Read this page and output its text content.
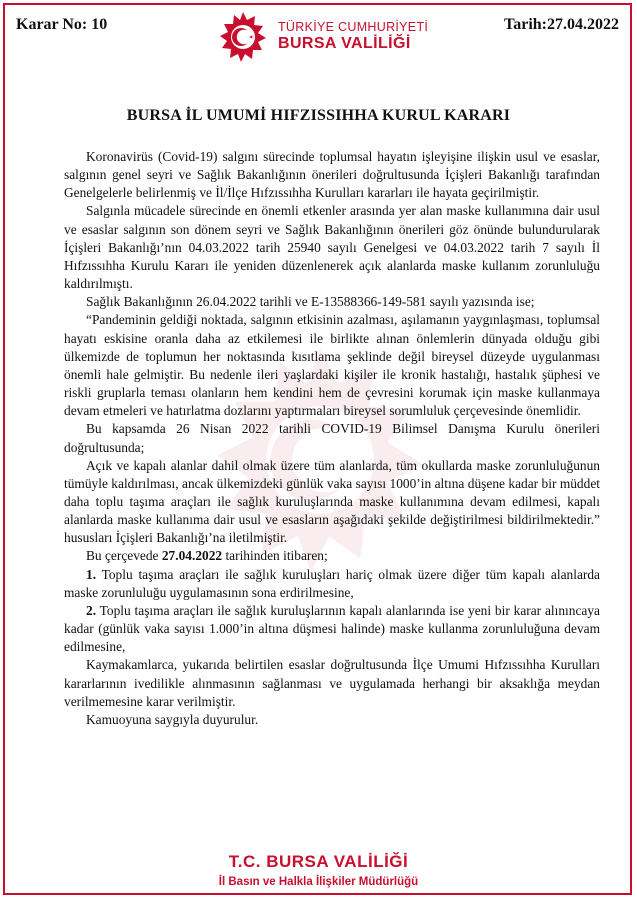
Karar No: 10	Tarih:27.04.2022
TÜRKİYE CUMHURİYETİ
BURSA VALİLİĞİ
BURSA İL UMUMİ HIFZISSIHHA KURUL KARARI

Koronavirüs (Covid-19) salgını sürecinde toplumsal hayatın işleyişine ilişkin usul ve esaslar, salgının genel seyri ve Sağlık Bakanlığının önerileri doğrultusunda İçişleri Bakanlığı tarafından Genelgelerle belirlenmiş ve İl/İlçe Hıfzıssıhha Kurulları kararları ile hayata geçirilmiştir.

Salgınla mücadele sürecinde en önemli etkenler arasında yer alan maske kullanımına dair usul ve esaslar salgının son dönem seyri ve Sağlık Bakanlığının önerileri göz önünde bulundurularak İçişleri Bakanlığı’nın 04.03.2022 tarih 25940 sayılı Genelgesi ve 04.03.2022 tarih 7 sayılı İl Hıfzıssıhha Kurulu Kararı ile yeniden düzenlenerek açık alanlarda maske kullanım zorunluluğu kaldırılmıştı.

Sağlık Bakanlığının 26.04.2022 tarihli ve E-13588366-149-581 sayılı yazısında ise;

“Pandeminin geldiği noktada, salgının etkisinin azalması, aşılamanın yaygınlaşması, toplumsal hayatı eskisine oranla daha az etkilemesi ile birlikte alınan önlemlerin dünyada olduğu gibi ülkemizde de toplumun her noktasında kısıtlama şeklinde değil bireysel düzeyde uygulanması önemli hale gelmiştir. Bu nedenle ileri yaşlardaki kişiler ile kronik hastalığı, hastalık şüphesi ve riskli gruplarla teması olanların hem kendini hem de çevresini korumak için maske kullanmaya devam etmeleri ve hatırlatma dozlarını yaptırmaları bireysel sorumluluk çerçevesinde önemlidir.

Bu kapsamda 26 Nisan 2022 tarihli COVID-19 Bilimsel Danışma Kurulu önerileri doğrultusunda;

Açık ve kapalı alanlar dahil olmak üzere tüm alanlarda, tüm okullarda maske zorunluluğunun tümüyle kaldırılması, ancak ülkemizdeki günlük vaka sayısı 1000’in altına düşene kadar bir müddet daha toplu taşıma araçları ile sağlık kuruluşlarında maske kullanımına devam edilmesi, kapalı alanlarda maske kullanıma dair usul ve esasların aşağıdaki şekilde değiştirilmesi bildirilmektedir.” hususları İçişleri Bakanlığı’na iletilmiştir.

Bu çerçevede 27.04.2022 tarihinden itibaren;

1. Toplu taşıma araçları ile sağlık kuruluşları hariç olmak üzere diğer tüm kapalı alanlarda maske zorunluluğu uygulamasının sona erdirilmesine,

2. Toplu taşıma araçları ile sağlık kuruluşlarının kapalı alanlarında ise yeni bir karar alınıncaya kadar (günlük vaka sayısı 1.000’in altına düşmesi halinde) maske kullanma zorunluluğuna devam edilmesine,

Kaymakamlarca, yukarıda belirtilen esaslar doğrultusunda İlçe Umumi Hıfzıssıhha Kurulları kararlarının ivedilikle alınmasının sağlanması ve uygulamada herhangi bir aksaklığa meydan verilmemesine karar verilmiştir.

Kamuoyuna saygıyla duyurulur.

T.C. BURSA VALİLİĞİ
İl Basın ve Halkla İlişkiler Müdürlüğü
